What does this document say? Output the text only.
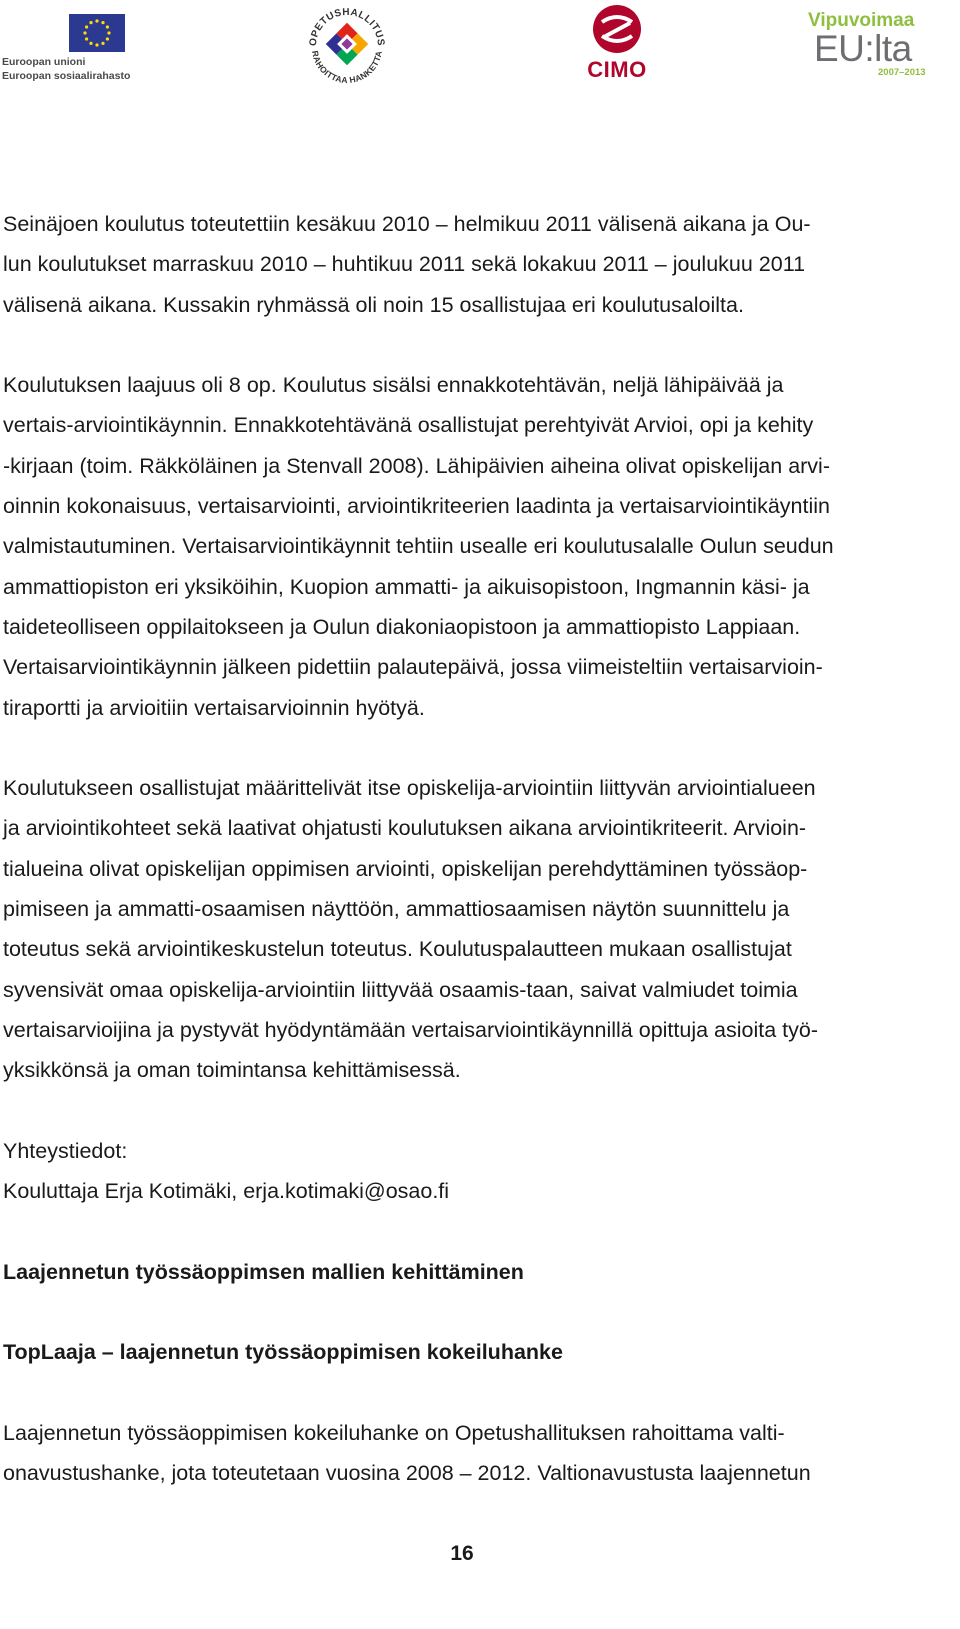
Euroopan unioni
Euroopan sosiaalirahasto
OPETUSHALLITUS
RAHOITTAA HANKETTA
CIMO
Vipuvoimaa
EU:lta
2007–2013

Seinäjoen koulutus toteutettiin kesäkuu 2010 – helmikuu 2011 välisenä aikana ja Ou-

lun koulutukset marraskuu 2010 – huhtikuu 2011 sekä lokakuu 2011 – joulukuu 2011

välisenä aikana. Kussakin ryhmässä oli noin 15 osallistujaa eri koulutusaloilta.

Koulutuksen laajuus oli 8 op. Koulutus sisälsi ennakkotehtävän, neljä lähipäivää ja

vertais-arviointikäynnin. Ennakkotehtävänä osallistujat perehtyivät Arvioi, opi ja kehity

-kirjaan (toim. Räkköläinen ja Stenvall 2008). Lähipäivien aiheina olivat opiskelijan arvi-

oinnin kokonaisuus, vertaisarviointi, arviointikriteerien laadinta ja vertaisarviointikäyntiin

valmistautuminen. Vertaisarviointikäynnit tehtiin usealle eri koulutusalalle Oulun seudun

ammattiopiston eri yksiköihin, Kuopion ammatti- ja aikuisopistoon, Ingmannin käsi- ja

taideteolliseen oppilaitokseen ja Oulun diakoniaopistoon ja ammattiopisto Lappiaan.

Vertaisarviointikäynnin jälkeen pidettiin palautepäivä, jossa viimeisteltiin vertaisarvioin-

tiraportti ja arvioitiin vertaisarvioinnin hyötyä.

Koulutukseen osallistujat määrittelivät itse opiskelija-arviointiin liittyvän arviointialueen

ja arviointikohteet sekä laativat ohjatusti koulutuksen aikana arviointikriteerit. Arvioin-

tialueina olivat opiskelijan oppimisen arviointi, opiskelijan perehdyttäminen työssäop-

pimiseen ja ammatti-osaamisen näyttöön, ammattiosaamisen näytön suunnittelu ja

toteutus sekä arviointikeskustelun toteutus. Koulutuspalautteen mukaan osallistujat

syvensivät omaa opiskelija-arviointiin liittyvää osaamis-taan, saivat valmiudet toimia

vertaisarvioijina ja pystyvät hyödyntämään vertaisarviointikäynnillä opittuja asioita työ-

yksikkönsä ja oman toimintansa kehittämisessä.

Yhteystiedot:

Kouluttaja Erja Kotimäki, erja.kotimaki@osao.fi

Laajennetun työssäoppimsen mallien kehittäminen

TopLaaja – laajennetun työssäoppimisen kokeiluhanke

Laajennetun työssäoppimisen kokeiluhanke on Opetushallituksen rahoittama valti-

onavustushanke, jota toteutetaan vuosina 2008 – 2012. Valtionavustusta laajennetun

16
